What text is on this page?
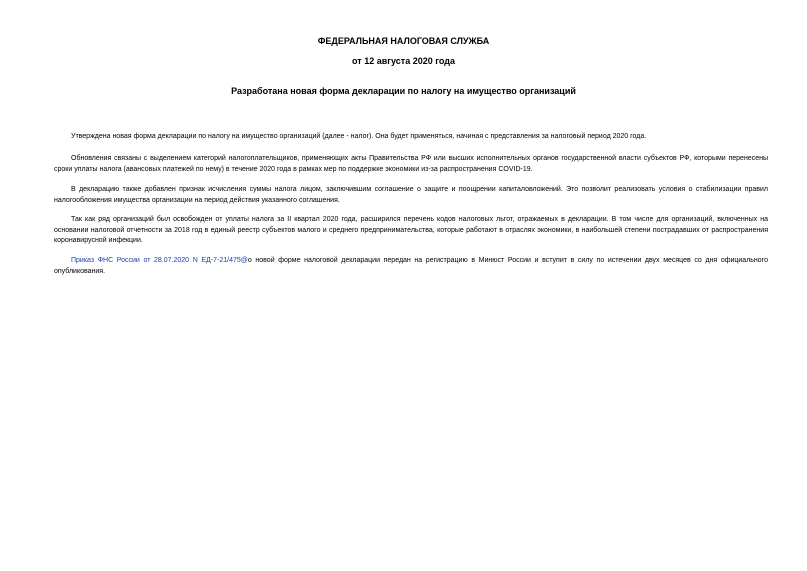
ФЕДЕРАЛЬНАЯ НАЛОГОВАЯ СЛУЖБА
от 12 августа 2020 года
Разработана новая форма декларации по налогу на имущество организаций

Утверждена новая форма декларации по налогу на имущество организаций (далее - налог). Она будет применяться, начиная с представления за налоговый период 2020 года.

Обновления связаны с выделением категорий налогоплательщиков, применяющих акты Правительства РФ или высших исполнительных органов государственной власти субъектов РФ, которыми перенесены сроки уплаты налога (авансовых платежей по нему) в течение 2020 года в рамках мер по поддержке экономики из-за распространения COVID-19.

В декларацию также добавлен признак исчисления суммы налога лицом, заключившим соглашение о защите и поощрении капиталовложений. Это позволит реализовать условия о стабилизации правил налогообложения имущества организации на период действия указанного соглашения.

Так как ряд организаций был освобожден от уплаты налога за II квартал 2020 года, расширился перечень кодов налоговых льгот, отражаемых в декларации. В том числе для организаций, включенных на основании налоговой отчетности за 2018 год в единый реестр субъектов малого и среднего предпринимательства, которые работают в отраслях экономики, в наибольшей степени пострадавших от распространения коронавирусной инфекции.

Приказ ФНС России от 28.07.2020 N ЕД-7-21/475@о новой форме налоговой декларации передан на регистрацию в Минюст России и вступит в силу по истечении двух месяцев со дня официального опубликования.
